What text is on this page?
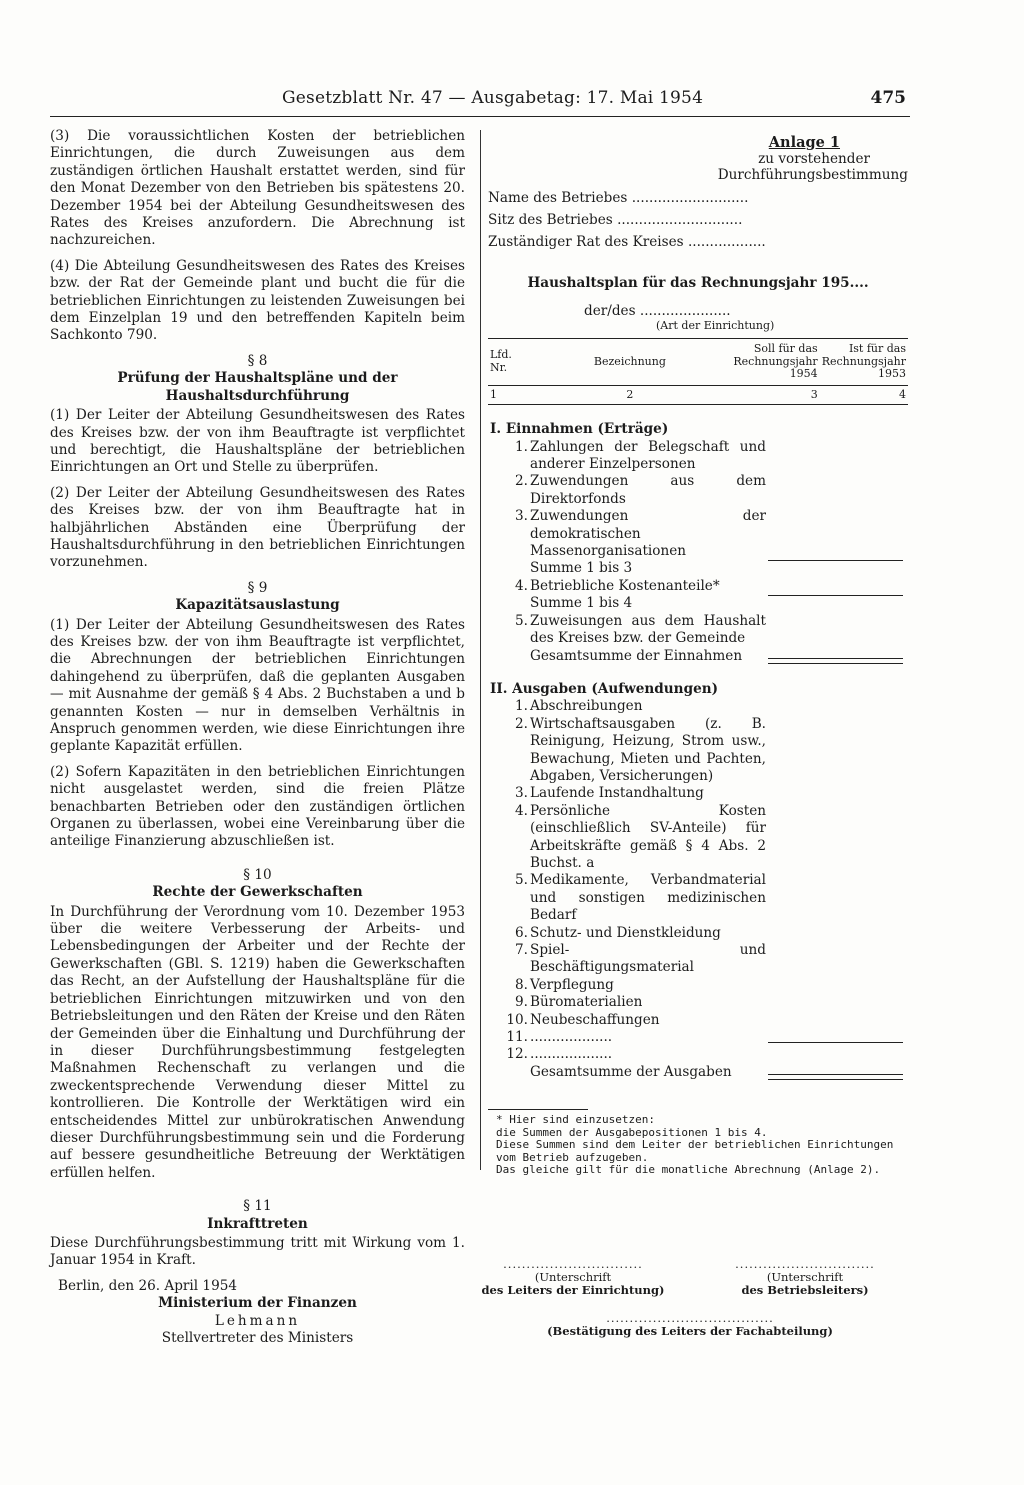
Gesetzblatt Nr. 47 — Ausgabetag: 17. Mai 1954	475

(3) Die voraussichtlichen Kosten der betrieblichen Einrichtungen, die durch Zuweisungen aus dem zuständigen örtlichen Haushalt erstattet werden, sind für den Monat Dezember von den Betrieben bis spätestens 20. Dezember 1954 bei der Abteilung Gesundheitswesen des Rates des Kreises anzufordern. Die Abrechnung ist nachzureichen.

(4) Die Abteilung Gesundheitswesen des Rates des Kreises bzw. der Rat der Gemeinde plant und bucht die für die betrieblichen Einrichtungen zu leistenden Zuweisungen bei dem Einzelplan 19 und den betreffenden Kapiteln beim Sachkonto 790.

§ 8
Prüfung der Haushaltspläne und der Haushaltsdurchführung

(1) Der Leiter der Abteilung Gesundheitswesen des Rates des Kreises bzw. der von ihm Beauftragte ist verpflichtet und berechtigt, die Haushaltspläne der betrieblichen Einrichtungen an Ort und Stelle zu überprüfen.

(2) Der Leiter der Abteilung Gesundheitswesen des Rates des Kreises bzw. der von ihm Beauftragte hat in halbjährlichen Abständen eine Überprüfung der Haushaltsdurchführung in den betrieblichen Einrichtungen vorzunehmen.

§ 9
Kapazitätsauslastung

(1) Der Leiter der Abteilung Gesundheitswesen des Rates des Kreises bzw. der von ihm Beauftragte ist verpflichtet, die Abrechnungen der betrieblichen Einrichtungen dahingehend zu überprüfen, daß die geplanten Ausgaben — mit Ausnahme der gemäß § 4 Abs. 2 Buchstaben a und b genannten Kosten — nur in demselben Verhältnis in Anspruch genommen werden, wie diese Einrichtungen ihre geplante Kapazität erfüllen.

(2) Sofern Kapazitäten in den betrieblichen Einrichtungen nicht ausgelastet werden, sind die freien Plätze benachbarten Betrieben oder den zuständigen örtlichen Organen zu überlassen, wobei eine Vereinbarung über die anteilige Finanzierung abzuschließen ist.

§ 10
Rechte der Gewerkschaften

In Durchführung der Verordnung vom 10. Dezember 1953 über die weitere Verbesserung der Arbeits- und Lebensbedingungen der Arbeiter und der Rechte der Gewerkschaften (GBl. S. 1219) haben die Gewerkschaften das Recht, an der Aufstellung der Haushaltspläne für die betrieblichen Einrichtungen mitzuwirken und von den Betriebsleitungen und den Räten der Kreise und den Räten der Gemeinden über die Einhaltung und Durchführung der in dieser Durchführungsbestimmung festgelegten Maßnahmen Rechenschaft zu verlangen und die zweckentsprechende Verwendung dieser Mittel zu kontrollieren. Die Kontrolle der Werktätigen wird ein entscheidendes Mittel zur unbürokratischen Anwendung dieser Durchführungsbestimmung sein und die Forderung auf bessere gesundheitliche Betreuung der Werktätigen erfüllen helfen.

§ 11
Inkrafttreten

Diese Durchführungsbestimmung tritt mit Wirkung vom 1. Januar 1954 in Kraft.

Berlin, den 26. April 1954
Ministerium der Finanzen
Lehmann
Stellvertreter des Ministers
Anlage 1
zu vorstehender
Durchführungsbestimmung
Name des Betriebes ...........................
Sitz des Betriebes .............................
Zuständiger Rat des Kreises ..................
Haushaltsplan für das Rechnungsjahr 195....
der/des .....................
(Art der Einrichtung)
Lfd. Nr.	Bezeichnung	Soll für das Rechnungsjahr 1954	Ist für das Rechnungsjahr 1953
1	2	3	4
I. Einnahmen (Erträge)
1. Zahlungen der Belegschaft und anderer Einzelpersonen
2. Zuwendungen aus dem Direktorfonds
3. Zuwendungen der demokratischen Massenorganisationen
Summe 1 bis 3
4. Betriebliche Kostenanteile*
Summe 1 bis 4
5. Zuweisungen aus dem Haushalt des Kreises bzw. der Gemeinde
Gesamtsumme der Einnahmen
II. Ausgaben (Aufwendungen)
1. Abschreibungen
2. Wirtschaftsausgaben (z. B. Reinigung, Heizung, Strom usw., Bewachung, Mieten und Pachten, Abgaben, Versicherungen)
3. Laufende Instandhaltung
4. Persönliche Kosten (einschließlich SV-Anteile) für Arbeitskräfte gemäß § 4 Abs. 2 Buchst. a
5. Medikamente, Verbandmaterial und sonstigen medizinischen Bedarf
6. Schutz- und Dienstkleidung
7. Spiel- und Beschäftigungsmaterial
8. Verpflegung
9. Büromaterialien
10. Neubeschaffungen
11. ...................
12. ...................
Gesamtsumme der Ausgaben
* Hier sind einzusetzen:
die Summen der Ausgabepositionen 1 bis 4.
Diese Summen sind dem Leiter der betrieblichen Einrichtungen vom Betrieb aufzugeben.
Das gleiche gilt für die monatliche Abrechnung (Anlage 2).
..............................
(Unterschrift
des Leiters der Einrichtung)
..............................
(Unterschrift
des Betriebsleiters)
....................................
(Bestätigung des Leiters der Fachabteilung)
